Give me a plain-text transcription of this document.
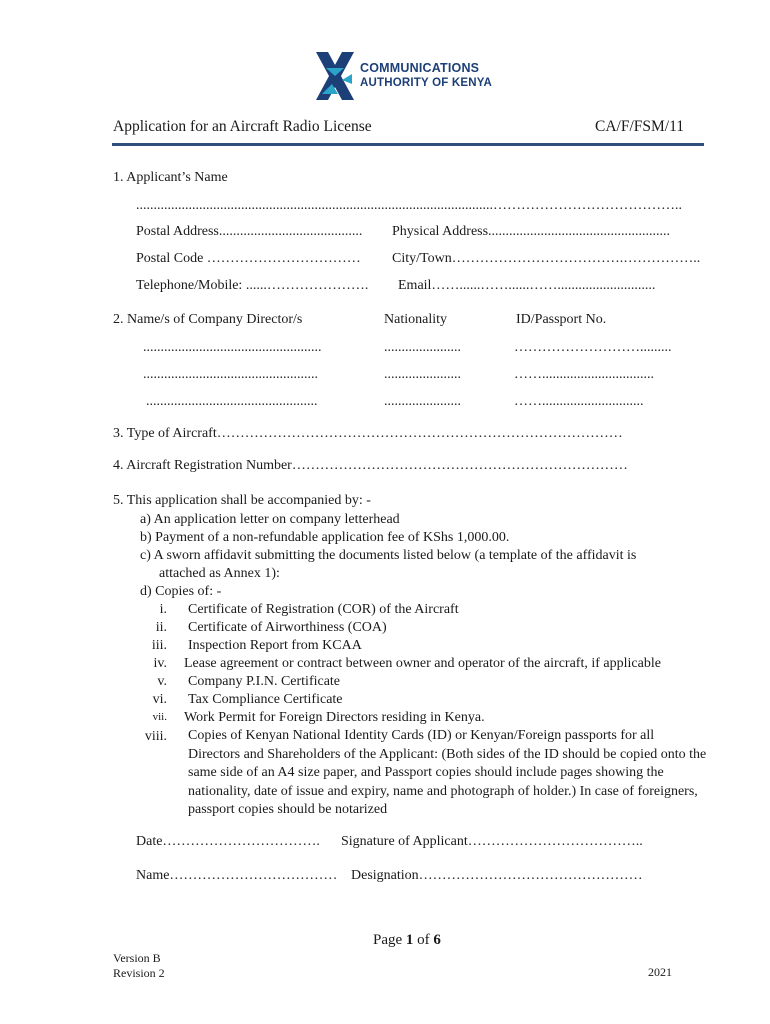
COMMUNICATIONS
AUTHORITY OF KENYA
Application for an Aircraft Radio License	CA/F/FSM/11
1. Applicant’s Name
......................................................................................................…………………………………..
Postal Address......................................... Physical Address....................................................
Postal Code …………………………… City/Town……………………………….……………..
Telephone/Mobile: ......…………………. Email……......……......……............................
2. Name/s of Company Director/s	Nationality	ID/Passport No.
...................................................	......................	……………………….........
..................................................	......................	……................................
.................................................	......................	…….............................
3. Type of Aircraft……………………………………………………………………………
4. Aircraft Registration Number………………………………………………………………
5. This application shall be accompanied by: -
a) An application letter on company letterhead
b) Payment of a non-refundable application fee of KShs 1,000.00.
c) A sworn affidavit submitting the documents listed below (a template of the affidavit is
attached as Annex 1):
d) Copies of: -
i. Certificate of Registration (COR) of the Aircraft
ii. Certificate of Airworthiness (COA)
iii. Inspection Report from KCAA
iv. Lease agreement or contract between owner and operator of the aircraft, if applicable
v. Company P.I.N. Certificate
vi. Tax Compliance Certificate
vii. Work Permit for Foreign Directors residing in Kenya.
viii. Copies of Kenyan National Identity Cards (ID) or Kenyan/Foreign passports for all Directors and Shareholders of the Applicant: (Both sides of the ID should be copied onto the same side of an A4 size paper, and Passport copies should include pages showing the nationality, date of issue and expiry, name and photograph of holder.) In case of foreigners, passport copies should be notarized
Date……………………………. Signature of Applicant………………………………..
Name……………………………… Designation…………………………………………
Page 1 of 6
Version B
Revision 2	2021
